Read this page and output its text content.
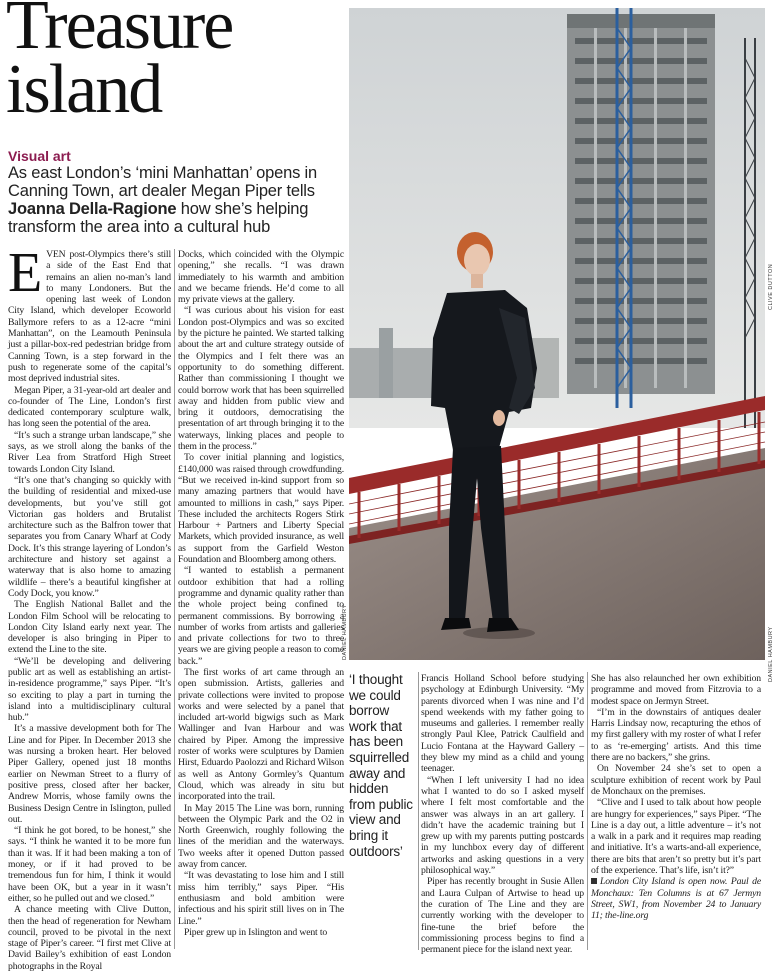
Treasure island
Visual art
As east London’s ‘mini Manhattan’ opens in Canning Town, art dealer Megan Piper tells Joanna Della-Ragione how she’s helping transform the area into a cultural hub
DANIEL HAMBURY	DANIEL HAMBURY
CLIVE DUTTON

EVEN post-Olympics there’s still a side of the East End that remains an alien no-man’s land to many Londoners. But the opening last week of London City Island, which developer Ecoworld Ballymore refers to as a 12-acre “mini Manhattan”, on the Leamouth Peninsula just a pillar-box-red pedestrian bridge from Canning Town, is a step forward in the push to regenerate some of the capital’s most deprived industrial sites.

Megan Piper, a 31-year-old art dealer and co-founder of The Line, London’s first dedicated contemporary sculpture walk, has long seen the potential of the area.

“It’s such a strange urban landscape,” she says, as we stroll along the banks of the River Lea from Stratford High Street towards London City Island.

“It’s one that’s changing so quickly with the building of residential and mixed-use developments, but you’ve still got Victorian gas holders and Brutalist architecture such as the Balfron tower that separates you from Canary Wharf at Cody Dock. It’s this strange layering of London’s architecture and history set against a waterway that is also home to amazing wildlife – there’s a beautiful kingfisher at Cody Dock, you know.”

The English National Ballet and the London Film School will be relocating to London City Island early next year. The developer is also bringing in Piper to extend the Line to the site.

“We’ll be developing and delivering public art as well as establishing an artist-in-residence programme,” says Piper. “It’s so exciting to play a part in turning the island into a multidisciplinary cultural hub.”

It’s a massive development both for The Line and for Piper. In December 2013 she was nursing a broken heart. Her beloved Piper Gallery, opened just 18 months earlier on Newman Street to a flurry of positive press, closed after her backer, Andrew Morris, whose family owns the Business Design Centre in Islington, pulled out.

“I think he got bored, to be honest,” she says. “I think he wanted it to be more fun than it was. If it had been making a ton of money, or if it had proved to be tremendous fun for him, I think it would have been OK, but a year in it wasn’t either, so he pulled out and we closed.”

A chance meeting with Clive Dutton, then the head of regeneration for Newham council, proved to be pivotal in the next stage of Piper’s career. “I first met Clive at David Bailey’s exhibition of east London photographs in the Royal

Docks, which coincided with the Olympic opening,” she recalls. “I was drawn immediately to his warmth and ambition and we became friends. He’d come to all my private views at the gallery.

“I was curious about his vision for east London post-Olympics and was so excited by the picture he painted. We started talking about the art and culture strategy outside of the Olympics and I felt there was an opportunity to do something different. Rather than commissioning I thought we could borrow work that has been squirrelled away and hidden from public view and bring it outdoors, democratising the presentation of art through bringing it to the waterways, linking places and people to them in the process.”

To cover initial planning and logistics, £140,000 was raised through crowdfunding. “But we received in-kind support from so many amazing partners that would have amounted to millions in cash,” says Piper. These included the architects Rogers Stirk Harbour + Partners and Liberty Special Markets, which provided insurance, as well as support from the Garfield Weston Foundation and Bloomberg among others.

“I wanted to establish a permanent outdoor exhibition that had a rolling programme and dynamic quality rather than the whole project being confined to permanent commissions. By borrowing a number of works from artists and galleries and private collections for two to three years we are giving people a reason to come back.”

The first works of art came through an open submission. Artists, galleries and private collections were invited to propose works and were selected by a panel that included art-world bigwigs such as Mark Wallinger and Ivan Harbour and was chaired by Piper. Among the impressive roster of works were sculptures by Damien Hirst, Eduardo Paolozzi and Richard Wilson as well as Antony Gormley’s Quantum Cloud, which was already in situ but incorporated into the trail.

In May 2015 The Line was born, running between the Olympic Park and the O2 in North Greenwich, roughly following the lines of the meridian and the waterways. Two weeks after it opened Dutton passed away from cancer.

“It was devastating to lose him and I still miss him terribly,” says Piper. “His enthusiasm and bold ambition were infectious and his spirit still lives on in The Line.”

Piper grew up in Islington and went to

‘I thought we could borrow work that has been squirrelled away and hidden from public view and bring it outdoors’

Francis Holland School before studying psychology at Edinburgh University. “My parents divorced when I was nine and I’d spend weekends with my father going to museums and galleries. I remember really strongly Paul Klee, Patrick Caulfield and Lucio Fontana at the Hayward Gallery – they blew my mind as a child and young teenager.

“When I left university I had no idea what I wanted to do so I asked myself where I felt most comfortable and the answer was always in an art gallery. I didn’t have the academic training but I grew up with my parents putting postcards in my lunchbox every day of different artworks and asking questions in a very philosophical way.”

Piper has recently brought in Susie Allen and Laura Culpan of Artwise to head up the curation of The Line and they are currently working with the developer to fine-tune the brief before the commissioning process begins to find a permanent piece for the island next year.

She has also relaunched her own exhibition programme and moved from Fitzrovia to a modest space on Jermyn Street.

“I’m in the downstairs of antiques dealer Harris Lindsay now, recapturing the ethos of my first gallery with my roster of what I refer to as ‘re-emerging’ artists. And this time there are no backers,” she grins.

On November 24 she’s set to open a sculpture exhibition of recent work by Paul de Monchaux on the premises.

“Clive and I used to talk about how people are hungry for experiences,” says Piper. “The Line is a day out, a little adventure – it’s not a walk in a park and it requires map reading and initiative. It’s a warts-and-all experience, there are bits that aren’t so pretty but it’s part of the experience. That’s life, isn’t it?”

London City Island is open now. Paul de Monchaux: Ten Columns is at 67 Jermyn Street, SW1, from November 24 to January 11; the-line.org
